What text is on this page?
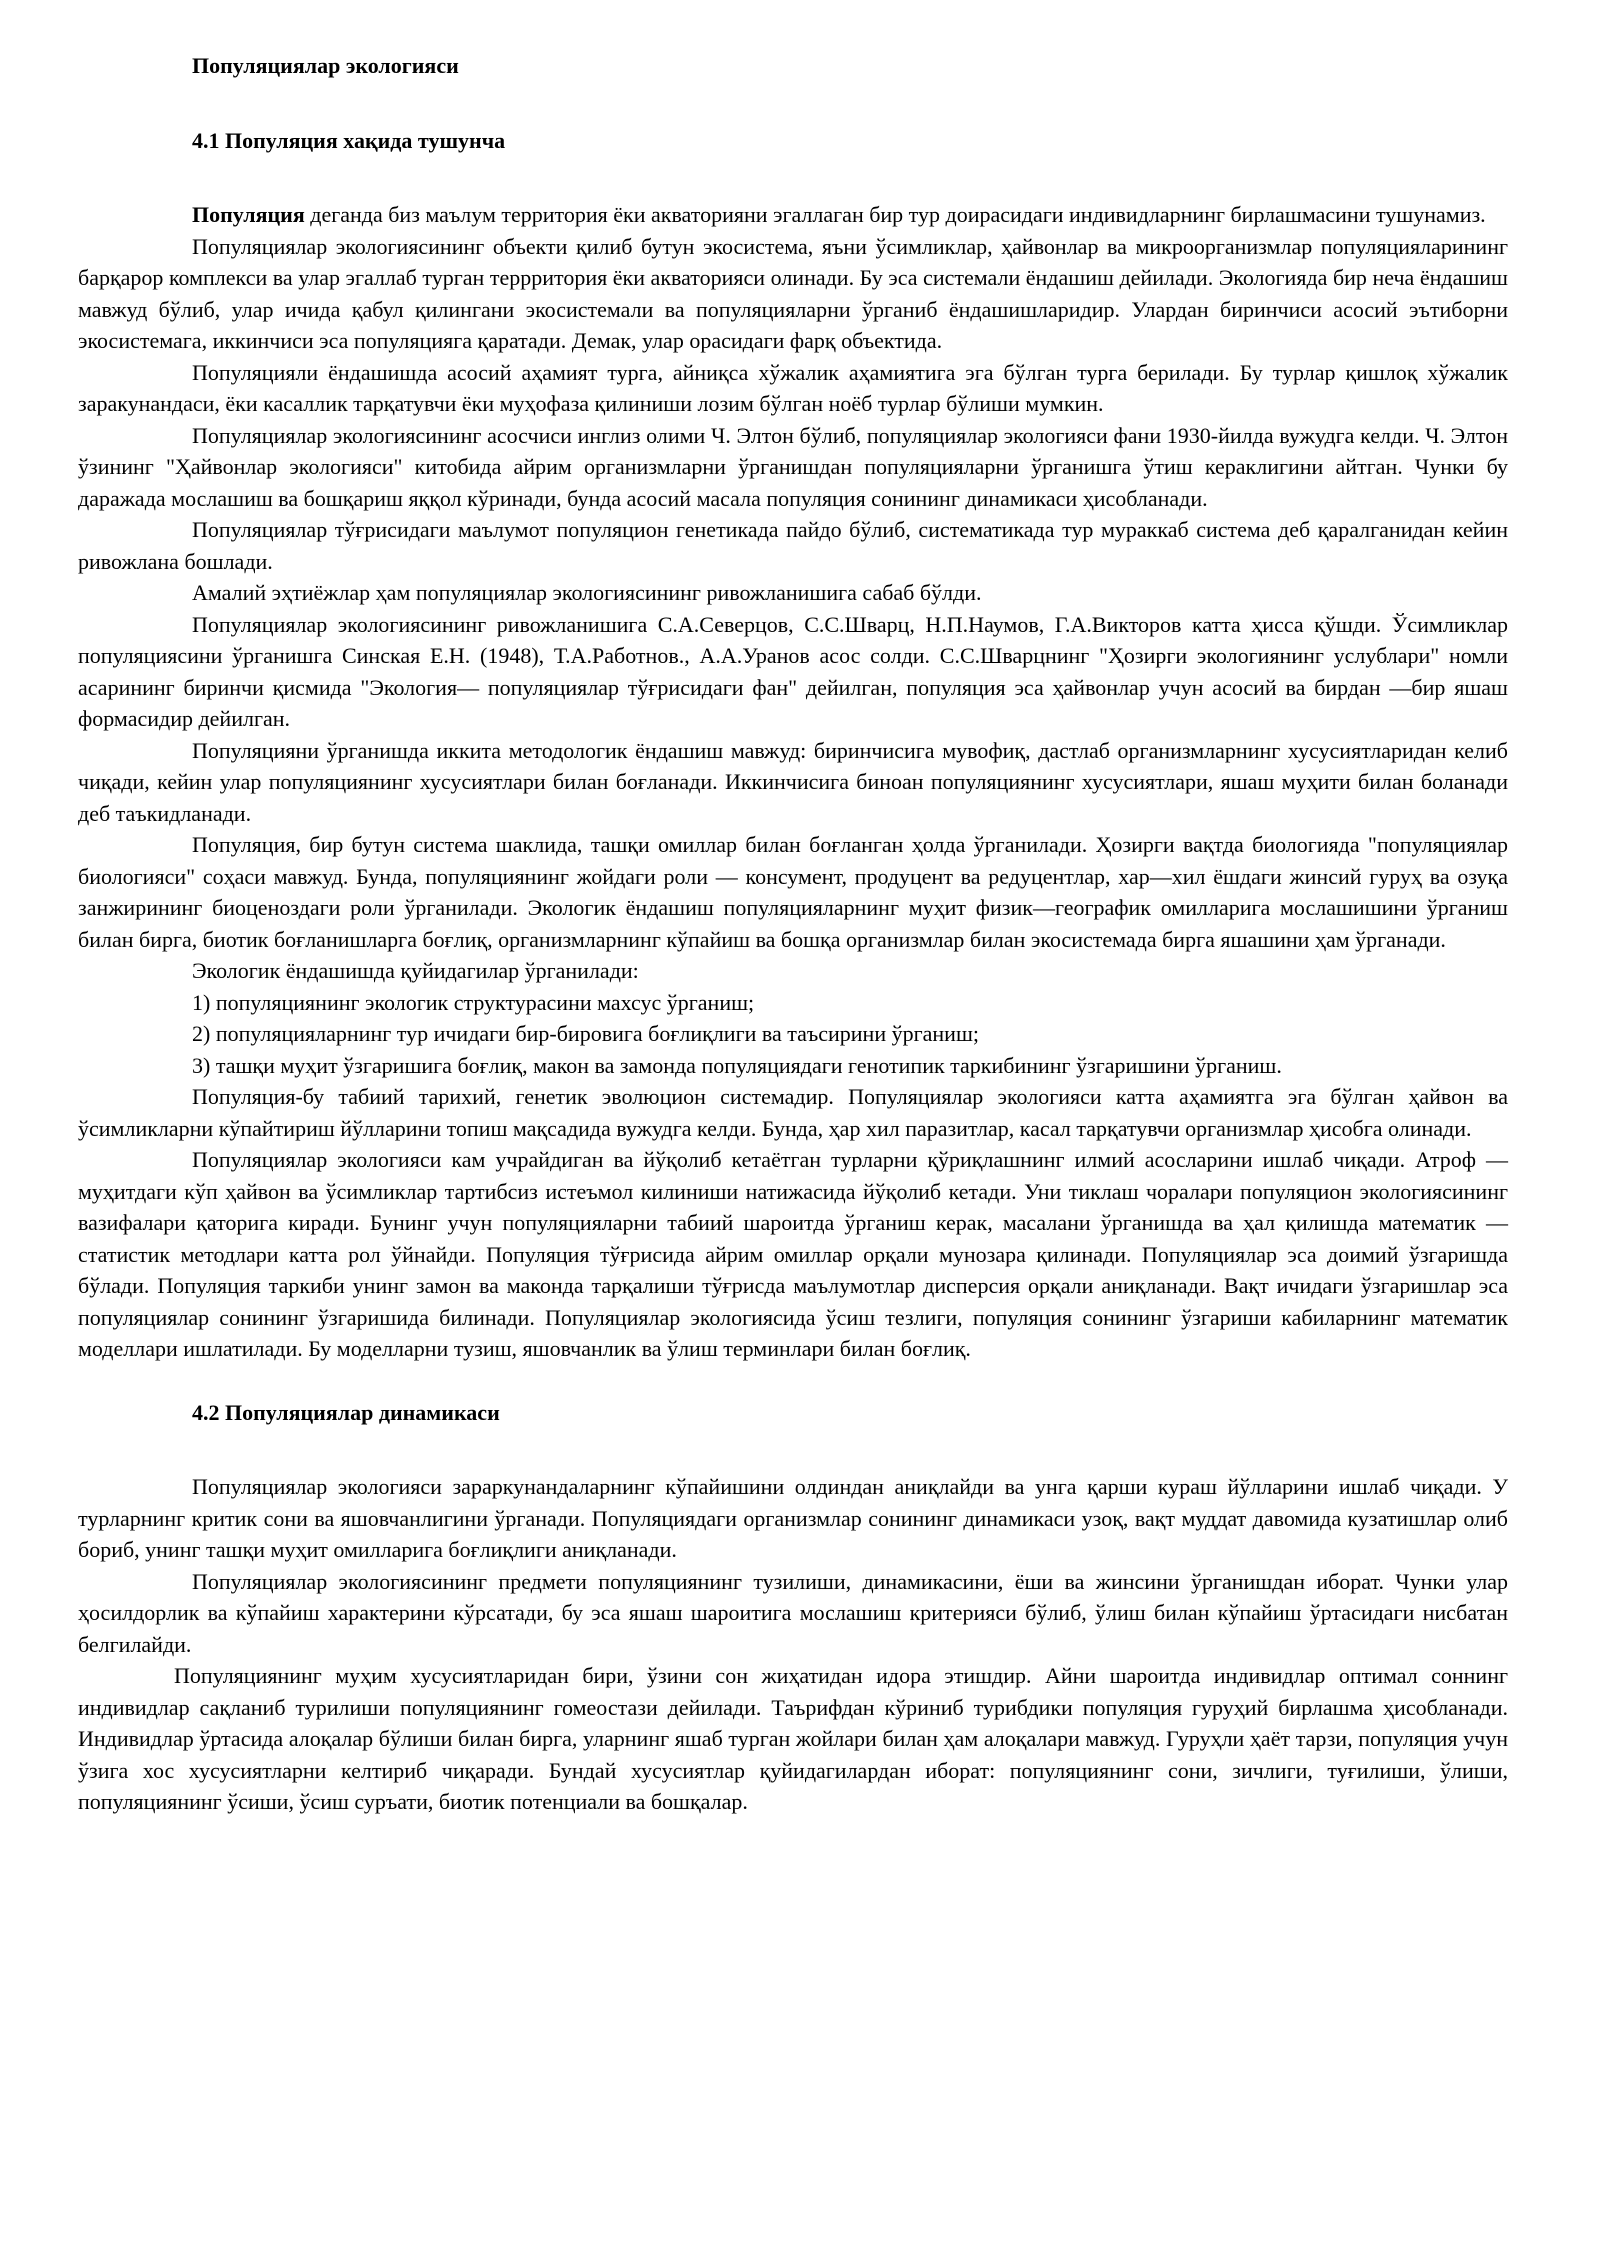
Популяциялар экологияси
4.1 Популяция хақида тушунча

Популяция деганда биз маълум территория ёки акваторияни эгаллаган бир тур доирасидаги индивидларнинг бирлашмасини тушунамиз.

Популяциялар экологиясининг объекти қилиб бутун экосистема, яъни ўсимликлар, ҳайвонлар ва микроорганизмлар популяцияларининг барқарор комплекси ва улар эгаллаб турган террритория ёки акваторияси олинади. Бу эса системали ёндашиш дейилади. Экологияда бир неча ёндашиш мавжуд бўлиб, улар ичида қабул қилингани экосистемали ва популяцияларни ўрганиб ёндашишларидир. Улардан биринчиси асосий эътиборни экосистемага, иккинчиси эса популяцияга қаратади. Демак, улар орасидаги фарқ объектида.

Популяцияли ёндашишда асосий аҳамият турга, айниқса хўжалик аҳамиятига эга бўлган турга берилади. Бу турлар қишлоқ хўжалик заракунандаси, ёки касаллик тарқатувчи ёки муҳофаза қилиниши лозим бўлган ноёб турлар бўлиши мумкин.

Популяциялар экологиясининг асосчиси инглиз олими Ч. Элтон бўлиб, популяциялар экологияси фани 1930-йилда вужудга келди. Ч. Элтон ўзининг "Ҳайвонлар экологияси" китобида айрим организмларни ўрганишдан популяцияларни ўрганишга ўтиш кераклигини айтган. Чунки бу даражада мослашиш ва бошқариш яққол кўринади, бунда асосий масала популяция сонининг динамикаси ҳисобланади.

Популяциялар тўғрисидаги маълумот популяцион генетикада пайдо бўлиб, систематикада тур мураккаб система деб қаралганидан кейин ривожлана бошлади.

Амалий эҳтиёжлар ҳам популяциялар экологиясининг ривожланишига сабаб бўлди.

Популяциялар экологиясининг ривожланишига С.А.Северцов, С.С.Шварц, Н.П.Наумов, Г.А.Викторов катта ҳисса қўшди. Ўсимликлар популяциясини ўрганишга Синская Е.Н. (1948), Т.А.Работнов., А.А.Уранов асос солди. С.С.Шварцнинг "Ҳозирги экологиянинг услублари" номли асарининг биринчи қисмида "Экология— популяциялар тўғрисидаги фан" дейилган, популяция эса ҳайвонлар учун асосий ва бирдан —бир яшаш формасидир дейилган.

Популяцияни ўрганишда иккита методологик ёндашиш мавжуд: биринчисига мувофиқ, дастлаб организмларнинг хусусиятларидан келиб чиқади, кейин улар популяциянинг хусусиятлари билан боғланади. Иккинчисига биноан популяциянинг хусусиятлари, яшаш муҳити билан боланади деб таъкидланади.

Популяция, бир бутун система шаклида, ташқи омиллар билан боғланган ҳолда ўрганилади. Ҳозирги вақтда биологияда "популяциялар биологияси" соҳаси мавжуд. Бунда, популяциянинг жойдаги роли — консумент, продуцент ва редуцентлар, хар—хил ёшдаги жинсий гуруҳ ва озуқа занжирининг биоценоздаги роли ўрганилади. Экологик ёндашиш популяцияларнинг муҳит физик—географик омилларига мослашишини ўрганиш билан бирга, биотик боғланишларга боғлиқ, организмларнинг кўпайиш ва бошқа организмлар билан экосистемада бирга яшашини ҳам ўрганади.

Экологик ёндашишда қуйидагилар ўрганилади:

1) популяциянинг экологик структурасини махсус ўрганиш;

2) популяцияларнинг тур ичидаги бир-бировига боғлиқлиги ва таъсирини ўрганиш;

3) ташқи муҳит ўзгаришига боғлиқ, макон ва замонда популяциядаги генотипик таркибининг ўзгаришини ўрганиш.

Популяция-бу табиий тарихий, генетик эволюцион системадир. Популяциялар экологияси катта аҳамиятга эга бўлган ҳайвон ва ўсимликларни кўпайтириш йўлларини топиш мақсадида вужудга келди. Бунда, ҳар хил паразитлар, касал тарқатувчи организмлар ҳисобга олинади.

Популяциялар экологияси кам учрайдиган ва йўқолиб кетаётган турларни қўриқлашнинг илмий асосларини ишлаб чиқади. Атроф — муҳитдаги кўп ҳайвон ва ўсимликлар тартибсиз истеъмол килиниши натижасида йўқолиб кетади. Уни тиклаш чоралари популяцион экологиясининг вазифалари қаторига киради. Бунинг учун популяцияларни табиий шароитда ўрганиш керак, масалани ўрганишда ва ҳал қилишда математик — статистик методлари катта рол ўйнайди. Популяция тўғрисида айрим омиллар орқали мунозара қилинади. Популяциялар эса доимий ўзгаришда бўлади. Популяция таркиби унинг замон ва маконда тарқалиши тўғрисда маълумотлар дисперсия орқали аниқланади. Вақт ичидаги ўзгаришлар эса популяциялар сонининг ўзгаришида билинади. Популяциялар экологиясида ўсиш тезлиги, популяция сонининг ўзгариши кабиларнинг математик моделлари ишлатилади. Бу моделларни тузиш, яшовчанлик ва ўлиш терминлари билан боғлиқ.

4.2 Популяциялар динамикаси

Популяциялар экологияси зараркунандаларнинг кўпайишини олдиндан аниқлайди ва унга қарши кураш йўлларини ишлаб чиқади. У турларнинг критик сони ва яшовчанлигини ўрганади. Популяциядаги организмлар сонининг динамикаси узоқ, вақт муддат давомида кузатишлар олиб бориб, унинг ташқи муҳит омилларига боғлиқлиги аниқланади.

Популяциялар экологиясининг предмети популяциянинг тузилиши, динамикасини, ёши ва жинсини ўрганишдан иборат. Чунки улар ҳосилдорлик ва кўпайиш характерини кўрсатади, бу эса яшаш шароитига мослашиш критерияси бўлиб, ўлиш билан кўпайиш ўртасидаги нисбатан белгилайди.

Популяциянинг муҳим хусусиятларидан бири, ўзини сон жиҳатидан идора этишдир. Айни шароитда индивидлар оптимал соннинг индивидлар сақланиб турилиши популяциянинг гомеостази дейилади. Таърифдан кўриниб турибдики популяция гуруҳий бирлашма ҳисобланади. Индивидлар ўртасида алоқалар бўлиши билан бирга, уларнинг яшаб турган жойлари билан ҳам алоқалари мавжуд. Гуруҳли ҳаёт тарзи, популяция учун ўзига хос хусусиятларни келтириб чиқаради. Бундай хусусиятлар қуйидагилардан иборат: популяциянинг сони, зичлиги, туғилиши, ўлиши, популяциянинг ўсиши, ўсиш суръати, биотик потенциали ва бошқалар.
